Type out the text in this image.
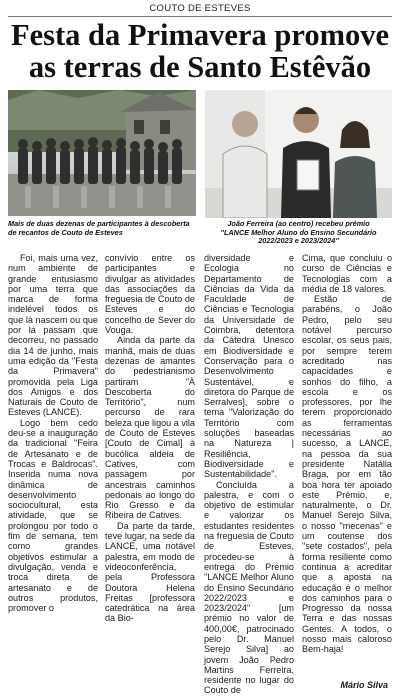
COUTO DE ESTEVES
Festa da Primavera promove
as terras de Santo Estêvão
Mais de duas dezenas de participantes à descoberta de recantos de Couto de Esteves
João Ferreira (ao centro) recebeu prémio
"LANCE Melhor Aluno do Ensino Secundário
2022/2023 e 2023/2024"

Foi, mais uma vez, num ambiente de grande entusiasmo por uma terra que marca de forma indelével todos os que lá nascem ou que por lá passam que decorreu, no passado dia 14 de junho, mais uma edição da "Festa da Primavera" promovida pela Liga dos Amigos e dos Naturais de Couto de Esteves (LANCE).

Logo bem cedo deu-se a inauguração da tradicional "Feira de Artesanato e de Trocas e Baldrocas". Inserida numa nova dinâmica de desenvolvimento sociocultural, esta atividade, que se prolongou por todo o fim de semana, tem como grandes objetivos estimular a divulgação, venda e troca direta de artesanato e de outros produtos, promover o

convívio entre os participantes e divulgar as atividades das associações da freguesia de Couto de Esteves e do concelho de Sever do Vouga.

Ainda da parte da manhã, mais de duas dezenas de amantes do pedestrianismo partiram "À Descoberta do Território", num percurso de rara beleza que ligou a vila de Couto de Esteves [Couto de Cimal] à bucólica aldeia de Catives, com passagem por ancestrais caminhos pedonais ao longo do Rio Gresso e da Ribeira de Catives.

Da parte da tarde, teve lugar, na sede da LANCE, uma notável palestra, em modo de videoconferência, pela Professora Doutora Helena Freitas [professora catedrática na área da Bio-

diversidade e Ecologia no Departamento de Ciências da Vida da Faculdade de Ciências e Tecnologia da Universidade de Coimbra, detentora da Cátedra Unesco em Biodiversidade e Conservação para o Desenvolvimento Sustentável, e diretora do Parque de Serralves], sobre o tema "Valorização do Território com soluções baseadas na Natureza | Resiliência, Biodiversidade e Sustentabilidade".

Concluída a palestra, e com o objetivo de estimular e valorizar os estudantes residentes na freguesia de Couto de Esteves, procedeu-se à entrega do Prémio "LANCE Melhor Aluno do Ensino Secundário 2022/2023 e 2023/2024" [um prémio no valor de 400,00€, patrocinado pelo Dr. Manuel Serejo Silva] ao jovem João Pedro Martins Ferreira, residente no lugar do Couto de

Cima, que concluiu o curso de Ciências e Tecnologias com a média de 18 valores.

Estão de parabéns, o João Pedro, pelo seu notável percurso escolar, os seus pais, por sempre terem acreditado nas capacidades e sonhos do filho, a escola e os professores, por lhe terem proporcionado as ferramentas necessárias ao sucesso, a LANCE, na pessoa da sua presidente Natália Braga, por em tão boa hora ter apoiado este Prémio, e, naturalmente, o Dr. Manuel Serejo Silva, o nosso "mecenas" e um coutense dos "sete costados", pela forma resiliente como continua a acreditar que a aposta na educação é o melhor dos caminhos para o Progresso da nossa Terra e das nossas Gentes. A todos, o nosso mais caloroso Bem-haja!

Mário Silva
